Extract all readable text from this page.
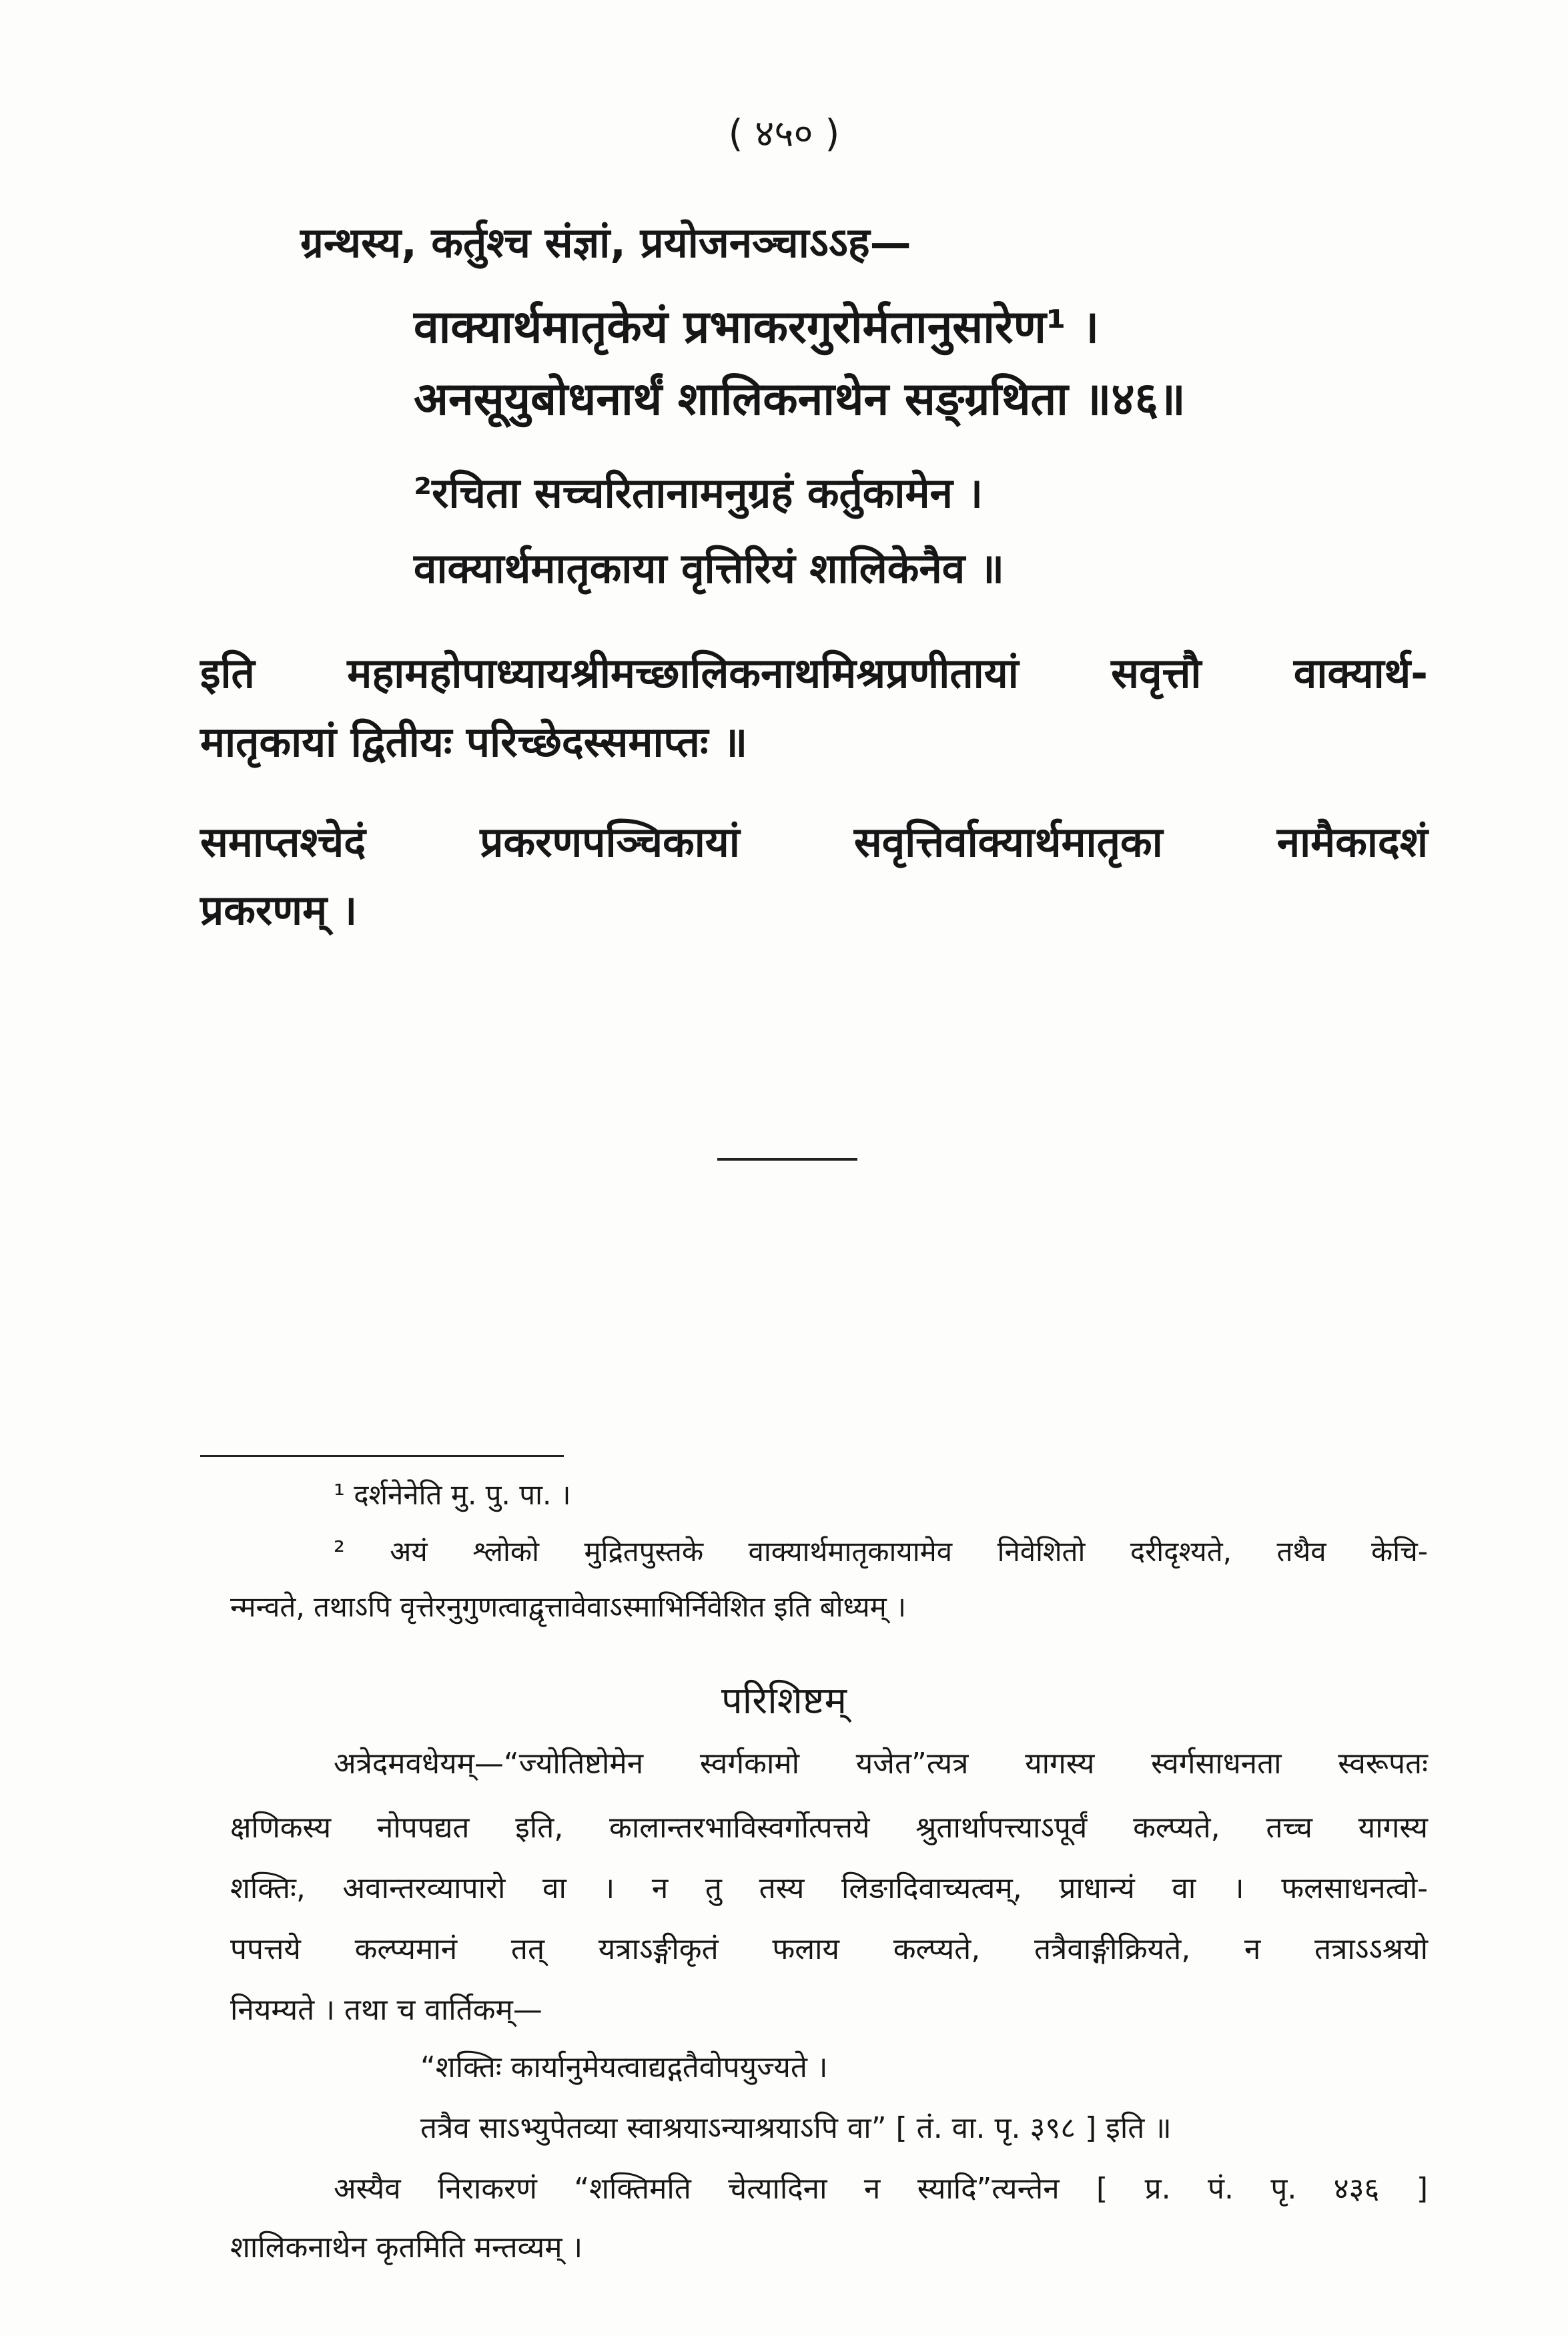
( ४५० )
ग्रन्थस्य, कर्तुश्च संज्ञां, प्रयोजनञ्चाऽऽह—
वाक्यार्थमातृकेयं प्रभाकरगुरोर्मतानुसारेण¹ ।
अनसूयुबोधनार्थं शालिकनाथेन सङ्ग्रथिता ॥४६॥
²रचिता सच्चरितानामनुग्रहं कर्तुकामेन ।
वाक्यार्थमातृकाया वृत्तिरियं शालिकेनैव ॥
इति महामहोपाध्यायश्रीमच्छालिकनाथमिश्रप्रणीतायां सवृत्तौ वाक्यार्थ-
मातृकायां द्वितीयः परिच्छेदस्समाप्तः ॥
समाप्तश्चेदं प्रकरणपञ्चिकायां सवृत्तिर्वाक्यार्थमातृका नामैकादशं
प्रकरणम् ।
¹ दर्शनेनेति मु. पु. पा. ।
² अयं श्लोको मुद्रितपुस्तके वाक्यार्थमातृकायामेव निवेशितो दरीदृश्यते, तथैव केचि-
न्मन्वते, तथाऽपि वृत्तेरनुगुणत्वाद्वृत्तावेवाऽस्माभिर्निवेशित इति बोध्यम् ।
परिशिष्टम्
अत्रेदमवधेयम्—“ज्योतिष्टोमेन स्वर्गकामो यजेत”त्यत्र यागस्य स्वर्गसाधनता स्वरूपतः
क्षणिकस्य नोपपद्यत इति, कालान्तरभाविस्वर्गोत्पत्तये श्रुतार्थापत्त्याऽपूर्वं कल्प्यते, तच्च यागस्य
शक्तिः, अवान्तरव्यापारो वा । न तु तस्य लिङादिवाच्यत्वम्, प्राधान्यं वा । फलसाधनत्वो-
पपत्तये कल्प्यमानं तत् यत्राऽङ्गीकृतं फलाय कल्प्यते, तत्रैवाङ्गीक्रियते, न तत्राऽऽश्रयो
नियम्यते । तथा च वार्तिकम्—
“शक्तिः कार्यानुमेयत्वाद्यद्गतैवोपयुज्यते ।
तत्रैव साऽभ्युपेतव्या स्वाश्रयाऽन्याश्रयाऽपि वा” [ तं. वा. पृ. ३९८ ] इति ॥
अस्यैव निराकरणं “शक्तिमति चेत्यादिना न स्यादि”त्यन्तेन [ प्र. पं. पृ. ४३६ ]
शालिकनाथेन कृतमिति मन्तव्यम् ।
